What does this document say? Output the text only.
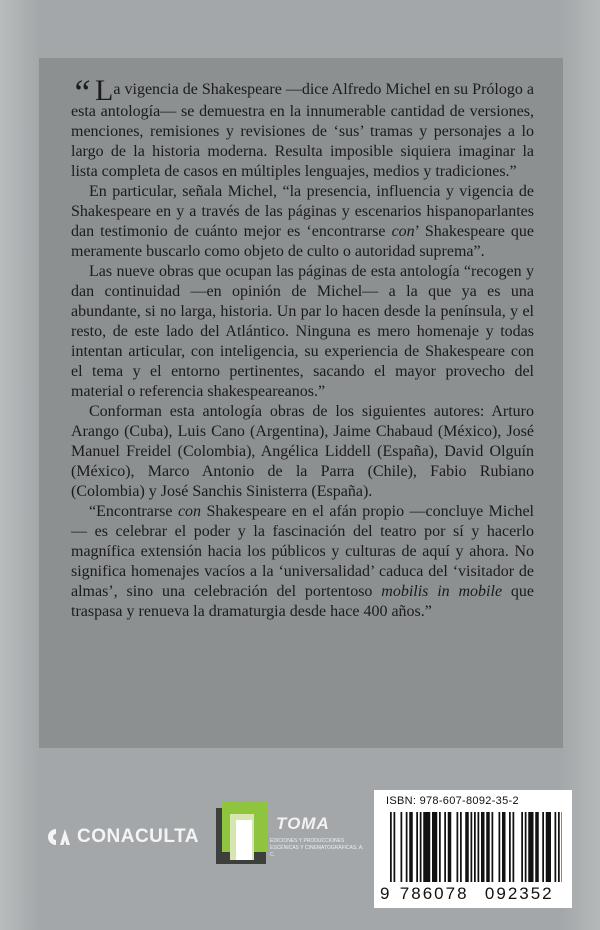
“ La vigencia de Shakespeare —dice Alfredo Michel en su Prólogo a esta antología— se demuestra en la innumerable cantidad de versiones, menciones, remisiones y revisiones de ‘sus’ tramas y personajes a lo largo de la historia moderna. Resulta imposible siquiera imaginar la lista completa de casos en múltiples lenguajes, medios y tradiciones.”

En particular, señala Michel, “la presencia, influencia y vigencia de Shakespeare en y a través de las páginas y escenarios hispanoparlantes dan testimonio de cuánto mejor es ‘encontrarse con’ Shakespeare que meramente buscarlo como objeto de culto o autoridad suprema”.

Las nueve obras que ocupan las páginas de esta antología “recogen y dan continuidad —en opinión de Michel— a la que ya es una abundante, si no larga, historia. Un par lo hacen desde la península, y el resto, de este lado del Atlántico. Ninguna es mero homenaje y todas intentan articular, con inteligencia, su experiencia de Shakespeare con el tema y el entorno pertinentes, sacando el mayor provecho del material o referencia shakespeareanos.”

Conforman esta antología obras de los siguientes autores: Arturo Arango (Cuba), Luis Cano (Argentina), Jaime Chabaud (México), José Manuel Freidel (Colombia), Angélica Liddell (España), David Olguín (México), Marco Antonio de la Parra (Chile), Fabio Rubiano (Colombia) y José Sanchis Sinisterra (España).

“Encontrarse con Shakespeare en el afán propio —concluye Michel— es celebrar el poder y la fascinación del teatro por sí y hacerlo magnífica extensión hacia los públicos y culturas de aquí y ahora. No significa homenajes vacíos a la ‘universalidad’ caduca del ‘visitador de almas’, sino una celebración del portentoso mobilis in mobile que traspasa y renueva la dramaturgia desde hace 400 años.”

CONACULTA
TOMA
EDICIONES Y PRODUCCIONES ESCÉNICAS Y CINEMATOGRÁFICAS, A. C.
ISBN: 978-607-8092-35-2
9 786078 092352
